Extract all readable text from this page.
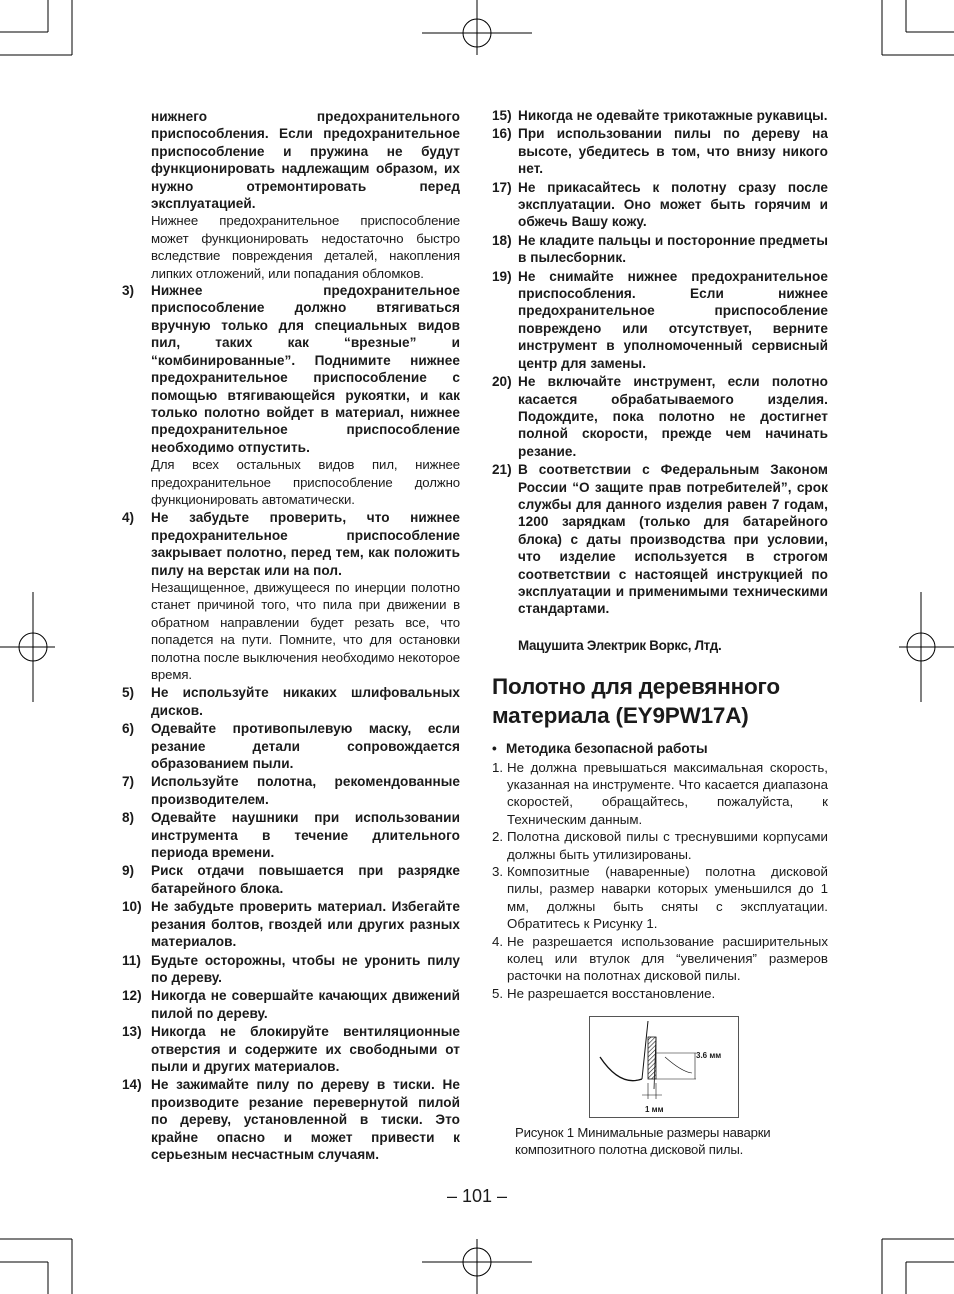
нижнего предохранительного приспособления. Если предохранительное приспособление и пружина не будут функционировать надлежащим образом, их нужно отремонтировать перед эксплуатацией.
Нижнее предохранительное приспособление может функционировать недостаточно быстро вследствие повреждения деталей, накопления липких отложений, или попадания обломков.
3) Нижнее предохранительное приспособление должно втягиваться вручную только для специальных видов пил, таких как “врезные” и “комбинированные”. Поднимите нижнее предохранительное приспособление с помощью втягивающейся рукоятки, и как только полотно войдет в материал, нижнее предохранительное приспособление необходимо отпустить.
Для всех остальных видов пил, нижнее предохранительное приспособление должно функционировать автоматически.
4) Не забудьте проверить, что нижнее предохранительное приспособление закрывает полотно, перед тем, как положить пилу на верстак или на пол.
Незащищенное, движущееся по инерции полотно станет причиной того, что пила при движении в обратном направлении будет резать все, что попадется на пути. Помните, что для остановки полотна после выключения необходимо некоторое время.
5) Не используйте никаких шлифовальных дисков.
6) Одевайте противопылевую маску, если резание детали сопровождается образованием пыли.
7) Используйте полотна, рекомендованные производителем.
8) Одевайте наушники при использовании инструмента в течение длительного периода времени.
9) Риск отдачи повышается при разрядке батарейного блока.
10) Не забудьте проверить материал. Избегайте резания болтов, гвоздей или других разных материалов.
11) Будьте осторожны, чтобы не уронить пилу по дереву.
12) Никогда не совершайте качающих движений пилой по дереву.
13) Никогда не блокируйте вентиляционные отверстия и содержите их свободными от пыли и других материалов.
14) Не зажимайте пилу по дереву в тиски. Не производите резание перевернутой пилой по дереву, установленной в тиски. Это крайне опасно и может привести к серьезным несчастным случаям.
15) Никогда не одевайте трикотажные рукавицы.
16) При использовании пилы по дереву на высоте, убедитесь в том, что внизу никого нет.
17) Не прикасайтесь к полотну сразу после эксплуатации. Оно может быть горячим и обжечь Вашу кожу.
18) Не кладите пальцы и посторонние предметы в пылесборник.
19) Не снимайте нижнее предохранительное приспособления. Если нижнее предохранительное приспособление повреждено или отсутствует, верните инструмент в уполномоченный сервисный центр для замены.
20) Не включайте инструмент, если полотно касается обрабатываемого изделия. Подождите, пока полотно не достигнет полной скорости, прежде чем начинать резание.
21) В соответствии с Федеральным Законом России “О защите прав потребителей”, срок службы для данного изделия равен 7 годам, 1200 зарядкам (только для батарейного блока) с даты производства при условии, что изделие используется в строгом соответствии с настоящей инструкцией по эксплуатации и применимыми техническими стандартами.
Мацушита Электрик Воркс, Лтд.
Полотно для деревянного
материала (EY9PW17A)
• Методика безопасной работы
1. Не должна превышаться максимальная скорость, указанная на инструменте. Что касается диапазона скоростей, обращайтесь, пожалуйста, к Техническим данным.
2. Полотна дисковой пилы с треснувшими корпусами должны быть утилизированы.
3. Композитные (наваренные) полотна дисковой пилы, размер наварки которых уменьшился до 1 мм, должны быть сняты с эксплуатации. Обратитесь к Рисунку 1.
4. Не разрешается использование расширительных колец или втулок для “увеличения” размеров расточки на полотнах дисковой пилы.
5. Не разрешается восстановление.
3.6 мм
1 мм
Рисунок 1 Минимальные размеры наварки композитного полотна дисковой пилы.
– 101 –
